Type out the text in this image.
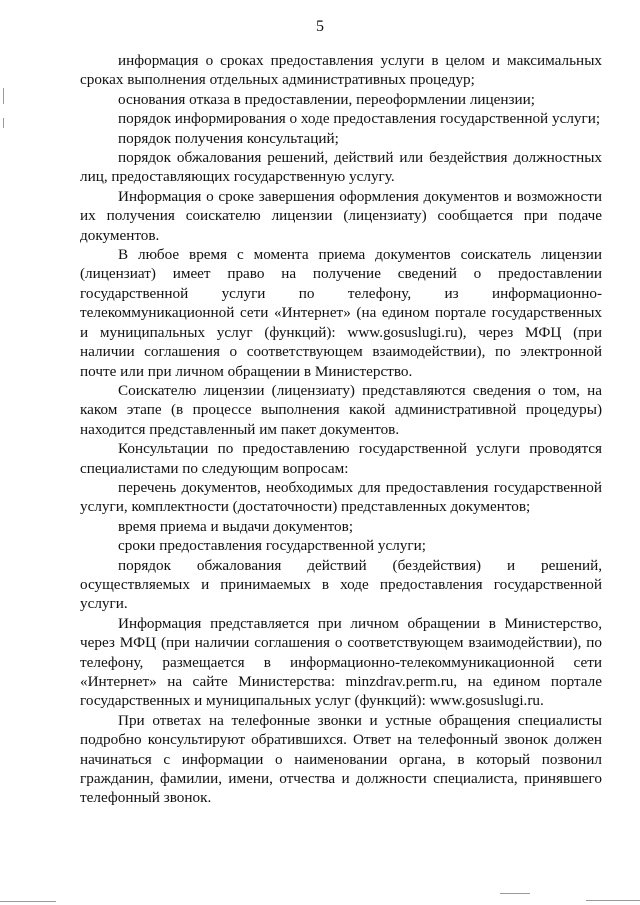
5

информация о сроках предоставления услуги в целом и максимальных сроках выполнения отдельных административных процедур;

основания отказа в предоставлении, переоформлении лицензии;

порядок информирования о ходе предоставления государственной услуги;

порядок получения консультаций;

порядок обжалования решений, действий или бездействия должностных лиц, предоставляющих государственную услугу.

Информация о сроке завершения оформления документов и возможности их получения соискателю лицензии (лицензиату) сообщается при подаче документов.

В любое время с момента приема документов соискатель лицензии (лицензиат) имеет право на получение сведений о предоставлении государственной услуги по телефону, из информационно-телекоммуникационной сети «Интернет» (на едином портале государственных и муниципальных услуг (функций): www.gosuslugi.ru), через МФЦ (при наличии соглашения о соответствующем взаимодействии), по электронной почте или при личном обращении в Министерство.

Соискателю лицензии (лицензиату) представляются сведения о том, на каком этапе (в процессе выполнения какой административной процедуры) находится представленный им пакет документов.

Консультации по предоставлению государственной услуги проводятся специалистами по следующим вопросам:

перечень документов, необходимых для предоставления государственной услуги, комплектности (достаточности) представленных документов;

время приема и выдачи документов;

сроки предоставления государственной услуги;

порядок обжалования действий (бездействия) и решений, осуществляемых и принимаемых в ходе предоставления государственной услуги.

Информация представляется при личном обращении в Министерство, через МФЦ (при наличии соглашения о соответствующем взаимодействии), по телефону, размещается в информационно-телекоммуникационной сети «Интернет» на сайте Министерства: minzdrav.perm.ru, на едином портале государственных и муниципальных услуг (функций): www.gosuslugi.ru.

При ответах на телефонные звонки и устные обращения специалисты подробно консультируют обратившихся. Ответ на телефонный звонок должен начинаться с информации о наименовании органа, в который позвонил гражданин, фамилии, имени, отчества и должности специалиста, принявшего телефонный звонок.
